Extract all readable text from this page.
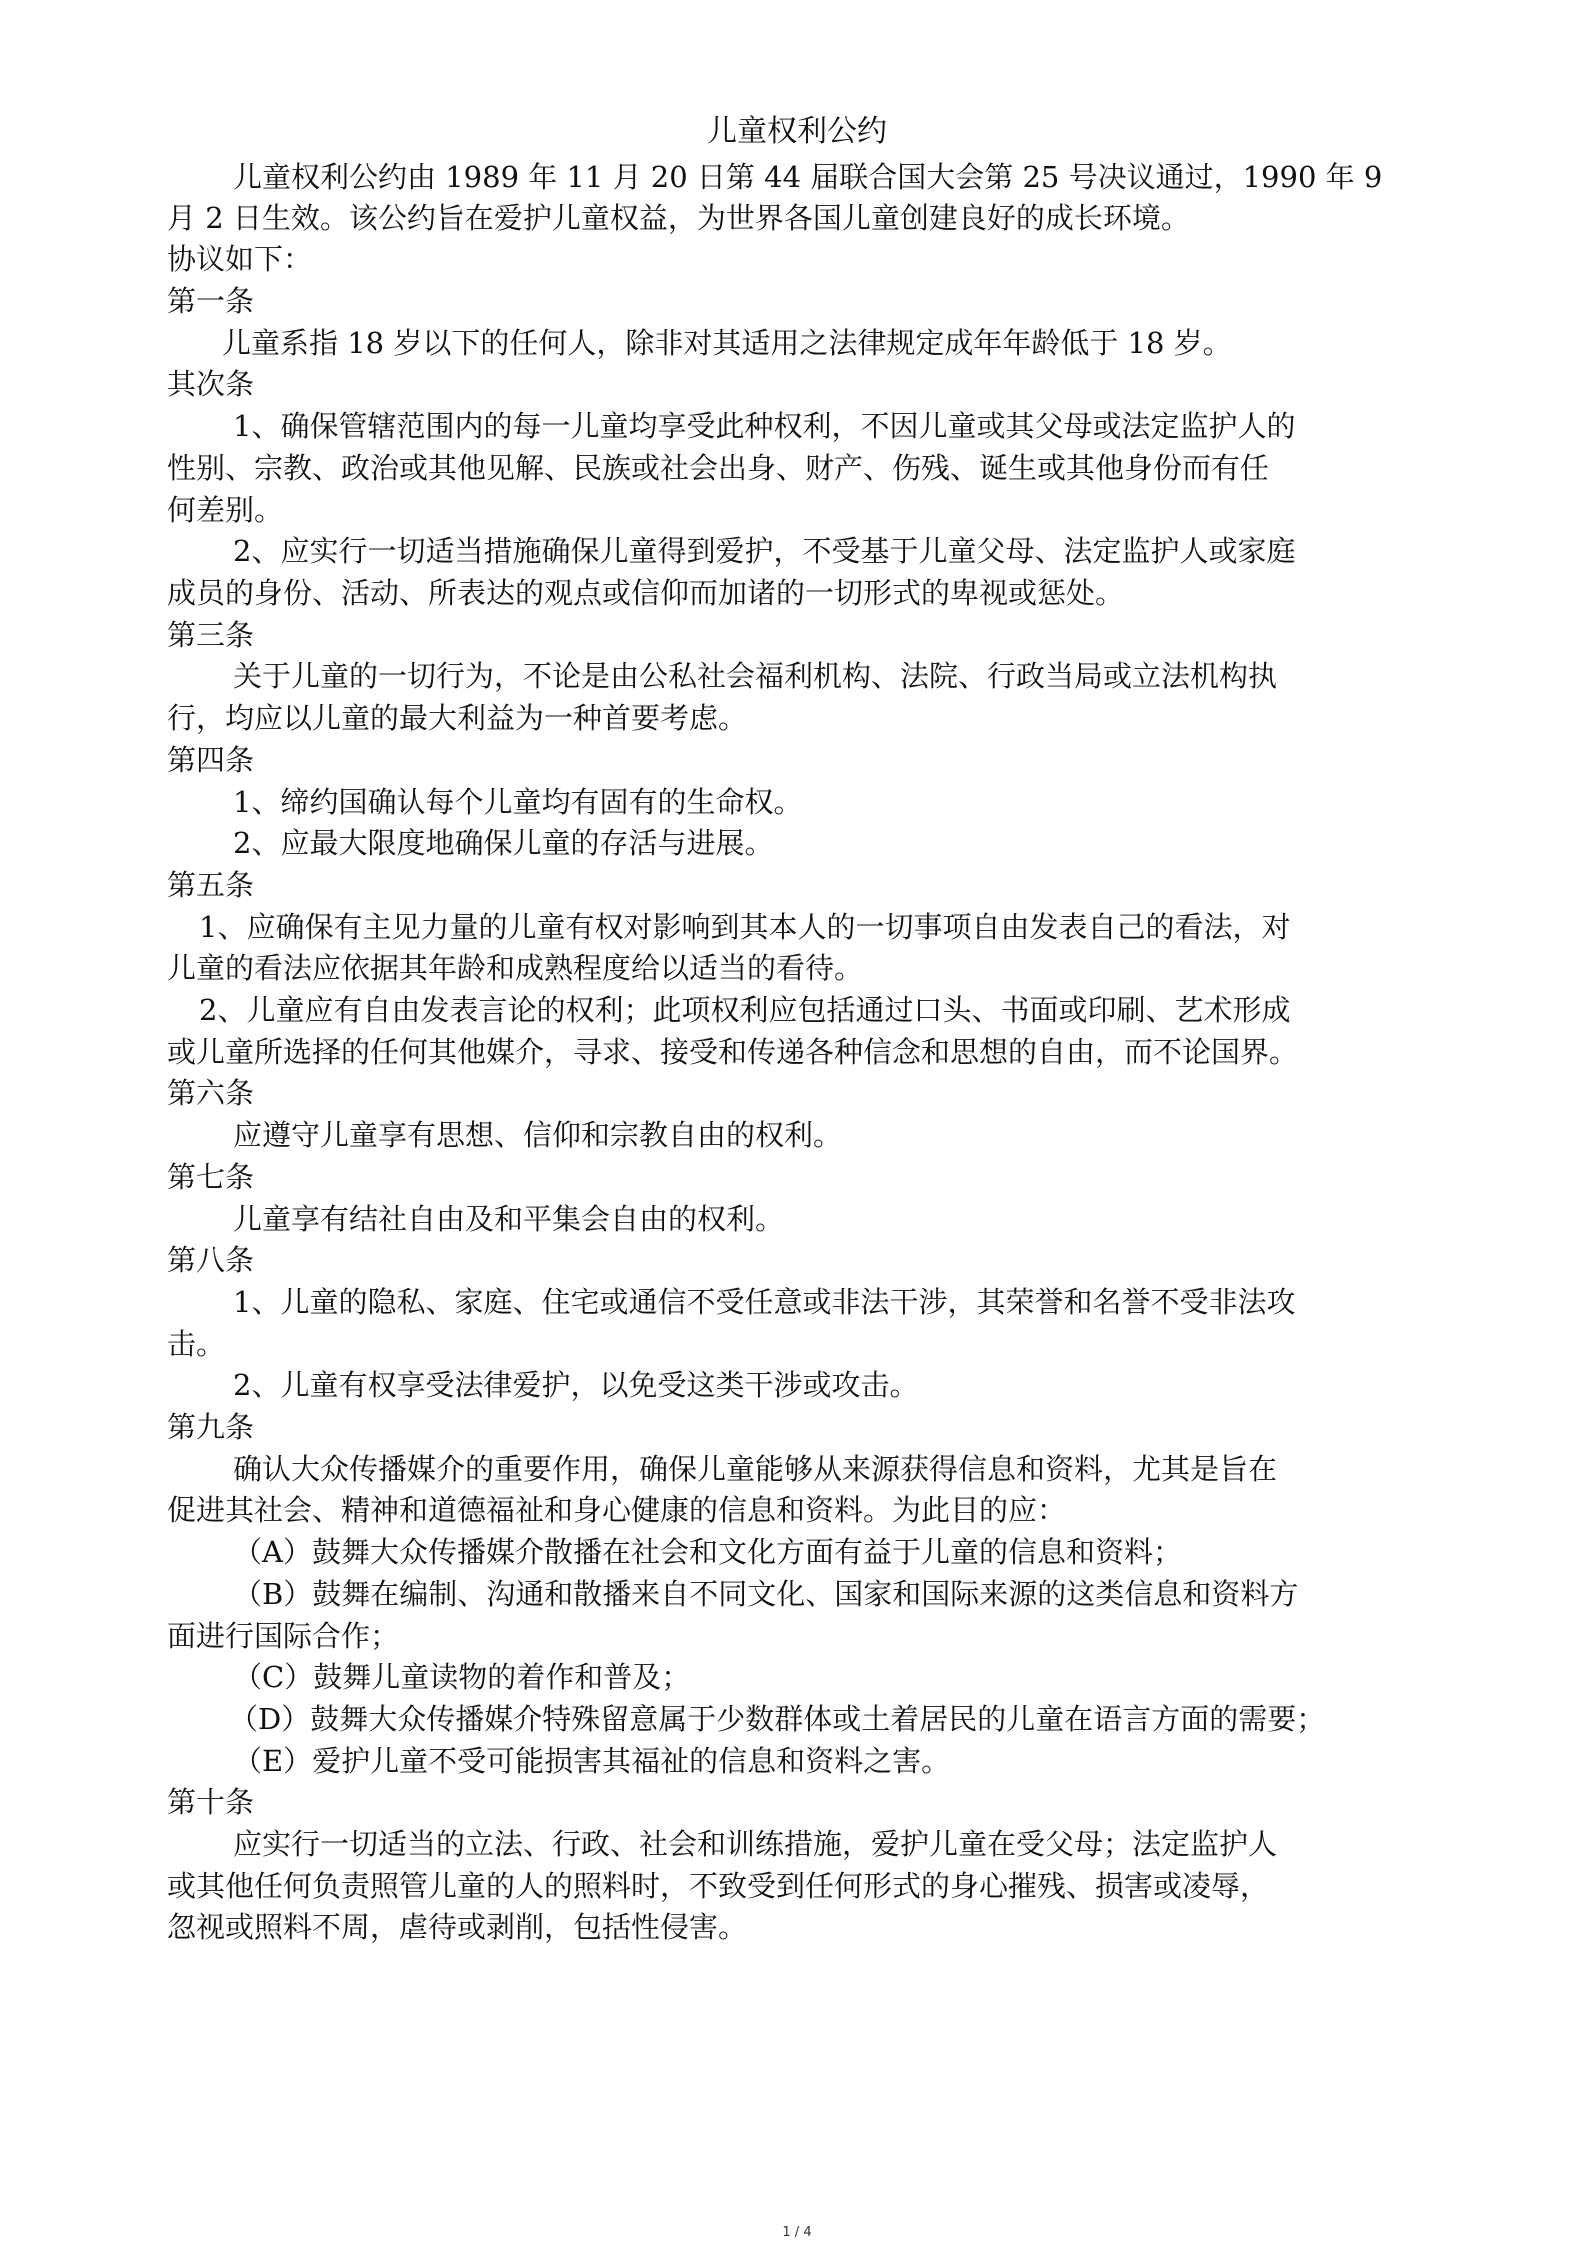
儿童权利公约
儿童权利公约由 1989 年 11 月 20 日第 44 届联合国大会第 25 号决议通过，1990 年 9
月 2 日生效。该公约旨在爱护儿童权益，为世界各国儿童创建良好的成长环境。
协议如下：
第一条
儿童系指 18 岁以下的任何人，除非对其适用之法律规定成年年龄低于 18 岁。
其次条
1、确保管辖范围内的每一儿童均享受此种权利，不因儿童或其父母或法定监护人的
性别、宗教、政治或其他见解、民族或社会出身、财产、伤残、诞生或其他身份而有任
何差别。
2、应实行一切适当措施确保儿童得到爱护，不受基于儿童父母、法定监护人或家庭
成员的身份、活动、所表达的观点或信仰而加诸的一切形式的卑视或惩处。
第三条
关于儿童的一切行为，不论是由公私社会福利机构、法院、行政当局或立法机构执
行，均应以儿童的最大利益为一种首要考虑。
第四条
1、缔约国确认每个儿童均有固有的生命权。
2、应最大限度地确保儿童的存活与进展。
第五条
1、应确保有主见力量的儿童有权对影响到其本人的一切事项自由发表自己的看法，对
儿童的看法应依据其年龄和成熟程度给以适当的看待。
2、儿童应有自由发表言论的权利；此项权利应包括通过口头、书面或印刷、艺术形成
或儿童所选择的任何其他媒介，寻求、接受和传递各种信念和思想的自由，而不论国界。
第六条
应遵守儿童享有思想、信仰和宗教自由的权利。
第七条
儿童享有结社自由及和平集会自由的权利。
第八条
1、儿童的隐私、家庭、住宅或通信不受任意或非法干涉，其荣誉和名誉不受非法攻
击。
2、儿童有权享受法律爱护，以免受这类干涉或攻击。
第九条
确认大众传播媒介的重要作用，确保儿童能够从来源获得信息和资料，尤其是旨在
促进其社会、精神和道德福祉和身心健康的信息和资料。为此目的应：
（A）鼓舞大众传播媒介散播在社会和文化方面有益于儿童的信息和资料；
（B）鼓舞在编制、沟通和散播来自不同文化、国家和国际来源的这类信息和资料方
面进行国际合作；
（C）鼓舞儿童读物的着作和普及；
（D）鼓舞大众传播媒介特殊留意属于少数群体或土着居民的儿童在语言方面的需要；
（E）爱护儿童不受可能损害其福祉的信息和资料之害。
第十条
应实行一切适当的立法、行政、社会和训练措施，爱护儿童在受父母；法定监护人
或其他任何负责照管儿童的人的照料时，不致受到任何形式的身心摧残、损害或凌辱，
忽视或照料不周，虐待或剥削，包括性侵害。
1 / 4
